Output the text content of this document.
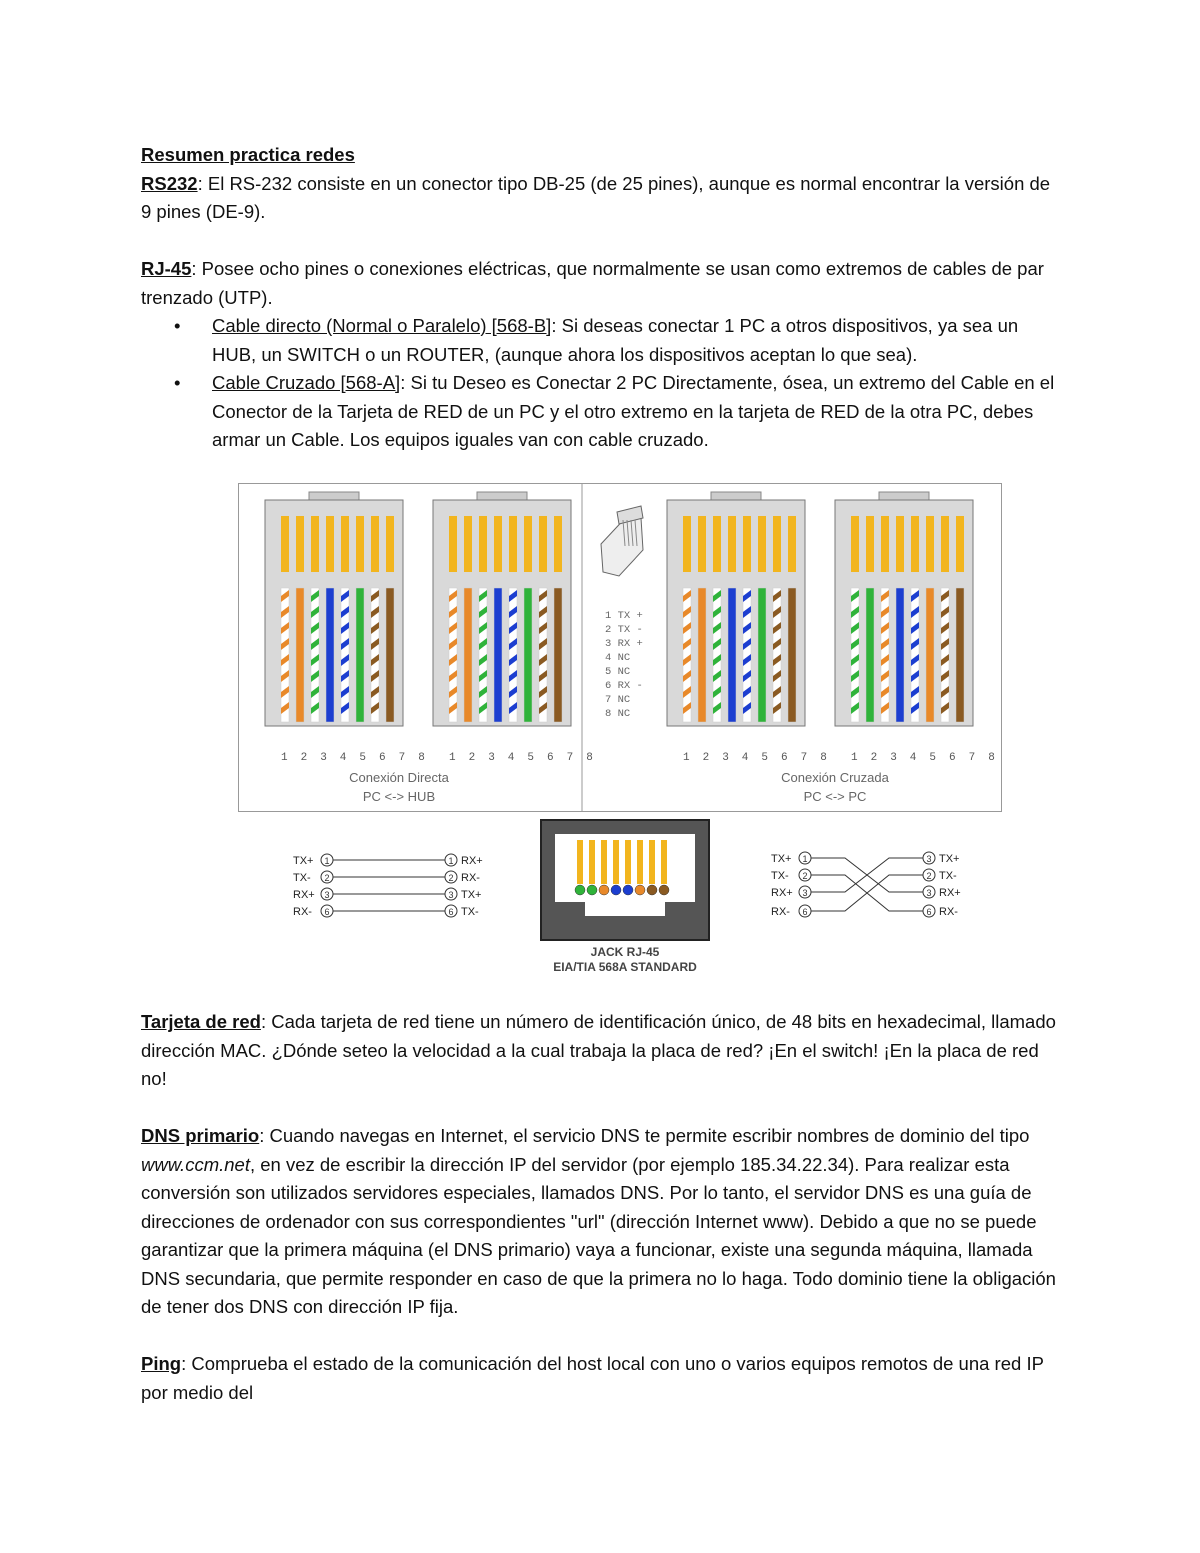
Resumen practica redes

RS232: El RS-232 consiste en un conector tipo DB-25 (de 25 pines), aunque es normal encontrar la versión de 9 pines (DE-9).

RJ-45: Posee ocho pines o conexiones eléctricas, que normalmente se usan como extremos de cables de par trenzado (UTP).

• Cable directo (Normal o Paralelo) [568-B]: Si deseas conectar 1 PC a otros dispositivos, ya sea un HUB, un SWITCH o un ROUTER, (aunque ahora los dispositivos aceptan lo que sea).
• Cable Cruzado [568-A]: Si tu Deseo es Conectar 2 PC Directamente, ósea, un extremo del Cable en el Conector de la Tarjeta de RED de un PC y el otro extremo en la tarjeta de RED de la otra PC, debes armar un Cable. Los equipos iguales van con cable cruzado.
1 2 3 4 5 6 7 8 1 2 3 4 5 6 7 8	1 2 3 4 5 6 7 8 1 2 3 4 5 6 7 8
Conexión Directa
PC <-> HUB
Conexión Cruzada
PC <-> PC
1 TX +
2 TX -
3 RX +
4 NC
5 NC
6 RX -
7 NC
8 NC
TX+ 1	1 RX+
TX- 2	2 RX-
RX+ 3	3 TX+
RX- 6	6 TX-
JACK RJ-45
EIA/TIA 568A STANDARD
TX+ 1	3 TX+
TX- 2	2 TX-
RX+ 3	3 RX+
RX- 6	6 RX-

Tarjeta de red: Cada tarjeta de red tiene un número de identificación único, de 48 bits en hexadecimal, llamado dirección MAC. ¿Dónde seteo la velocidad a la cual trabaja la placa de red? ¡En el switch! ¡En la placa de red no!

DNS primario: Cuando navegas en Internet, el servicio DNS te permite escribir nombres de dominio del tipo www.ccm.net, en vez de escribir la dirección IP del servidor (por ejemplo 185.34.22.34). Para realizar esta conversión son utilizados servidores especiales, llamados DNS. Por lo tanto, el servidor DNS es una guía de direcciones de ordenador con sus correspondientes "url" (dirección Internet www). Debido a que no se puede garantizar que la primera máquina (el DNS primario) vaya a funcionar, existe una segunda máquina, llamada DNS secundaria, que permite responder en caso de que la primera no lo haga. Todo dominio tiene la obligación de tener dos DNS con dirección IP fija.

Ping: Comprueba el estado de la comunicación del host local con uno o varios equipos remotos de una red IP por medio del
